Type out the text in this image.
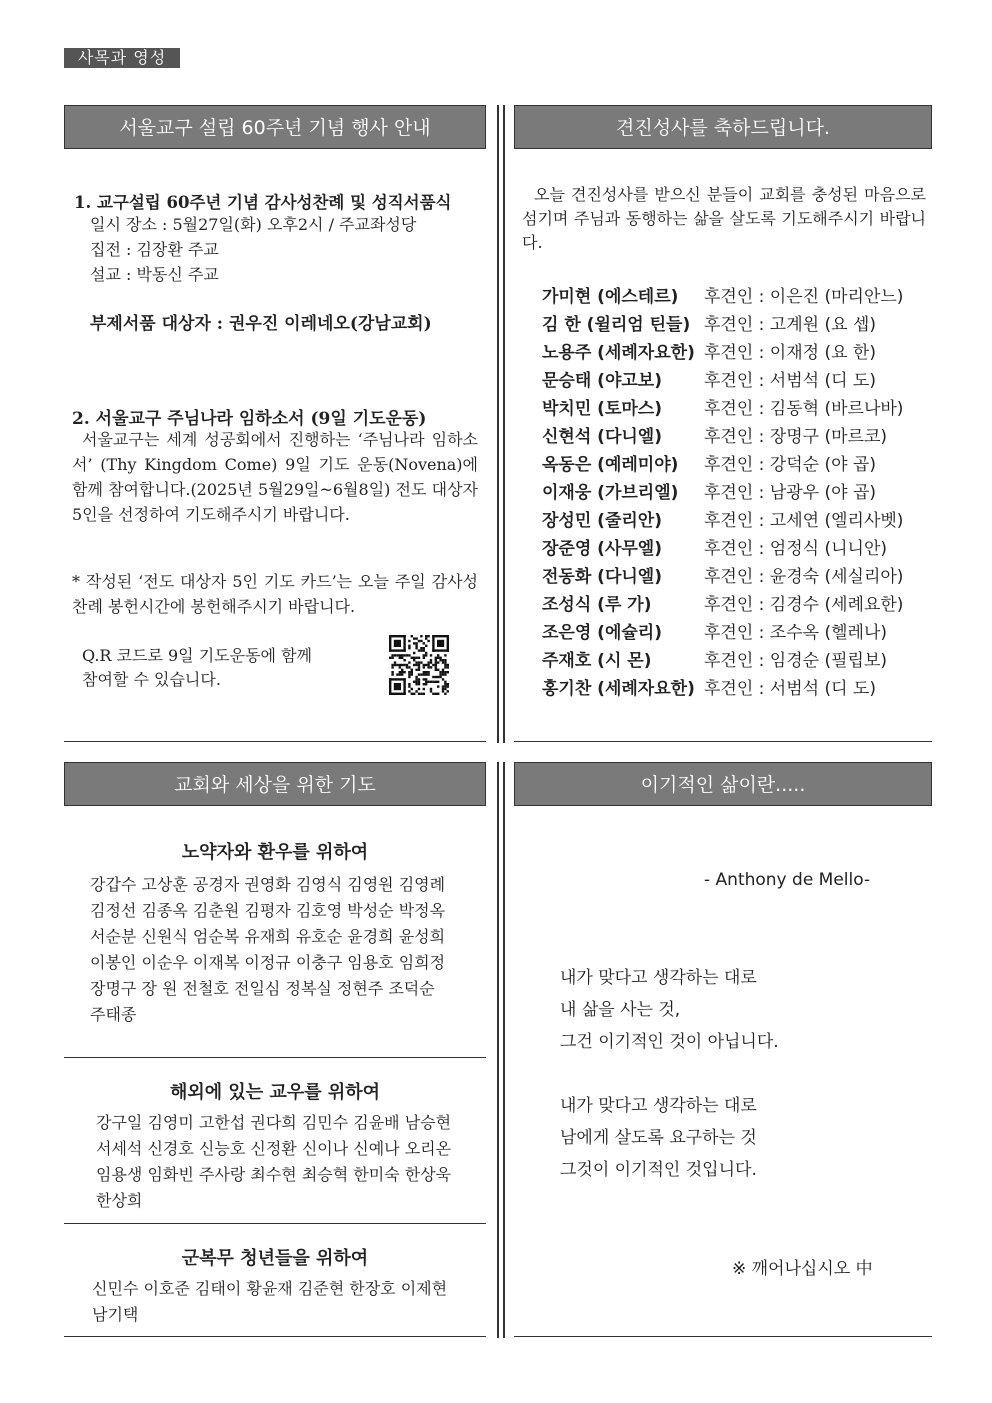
사목과 영성
서울교구 설립 60주년 기념 행사 안내
1. 교구설립 60주년 기념 감사성찬례 및 성직서품식
일시 장소 : 5월27일(화) 오후2시 / 주교좌성당
집전 : 김장환 주교
설교 : 박동신 주교
부제서품 대상자 : 권우진 이레네오(강남교회)
2. 서울교구 주님나라 임하소서 (9일 기도운동)
서울교구는 세계 성공회에서 진행하는 ‘주님나라 임하소서’ (Thy Kingdom Come) 9일 기도 운동(Novena)에 함께 참여합니다.(2025년 5월29일~6월8일) 전도 대상자 5인을 선정하여 기도해주시기 바랍니다.
* 작성된 ‘전도 대상자 5인 기도 카드’는 오늘 주일 감사성찬례 봉헌시간에 봉헌해주시기 바랍니다.
Q.R 코드로 9일 기도운동에 함께
참여할 수 있습니다.
견진성사를 축하드립니다.
오늘 견진성사를 받으신 분들이 교회를 충성된 마음으로 섬기며 주님과 동행하는 삶을 살도록 기도해주시기 바랍니다.
가미현 (에스테르) 후견인 : 이은진 (마리안느)
김 한 (윌리엄 틴들) 후견인 : 고계원 (요 셉)
노용주 (세례자요한) 후견인 : 이재정 (요 한)
문승태 (야고보) 후견인 : 서범석 (디 도)
박치민 (토마스) 후견인 : 김동혁 (바르나바)
신현석 (다니엘) 후견인 : 장명구 (마르코)
옥동은 (예레미야) 후견인 : 강덕순 (야 곱)
이재웅 (가브리엘) 후견인 : 남광우 (야 곱)
장성민 (줄리안) 후견인 : 고세연 (엘리사벳)
장준영 (사무엘) 후견인 : 엄정식 (니니안)
전동화 (다니엘) 후견인 : 윤경숙 (세실리아)
조성식 (루 가)	후견인 : 김경수 (세례요한)
조은영 (에슐리) 후견인 : 조수옥 (헬레나)
주재호 (시 몬)	후견인 : 임경순 (필립보)
홍기찬 (세례자요한) 후견인 : 서범석 (디 도)
교회와 세상을 위한 기도
노약자와 환우를 위하여
강갑수 고상훈 공경자 권영화 김영식 김영원 김영례
김정선 김종옥 김춘원 김평자 김호영 박성순 박정옥
서순분 신원식 엄순복 유재희 유호순 윤경희 윤성희
이봉인 이순우 이재복 이정규 이충구 임용호 임희정
장명구 장 원 전철호 전일심 정복실 정현주 조덕순
주태종
해외에 있는 교우를 위하여
강구일 김영미 고한섭 권다희 김민수 김윤배 남승현
서세석 신경호 신능호 신정환 신이나 신예나 오리온
임용생 임화빈 주사랑 최수현 최승혁 한미숙 한상욱
한상희
군복무 청년들을 위하여
신민수 이호준 김태이 황윤재 김준현 한장호 이제현
남기택
이기적인 삶이란.....
- Anthony de Mello-
내가 맞다고 생각하는 대로
내 삶을 사는 것,
그건 이기적인 것이 아닙니다.
내가 맞다고 생각하는 대로
남에게 살도록 요구하는 것
그것이 이기적인 것입니다.
※ 깨어나십시오 中
